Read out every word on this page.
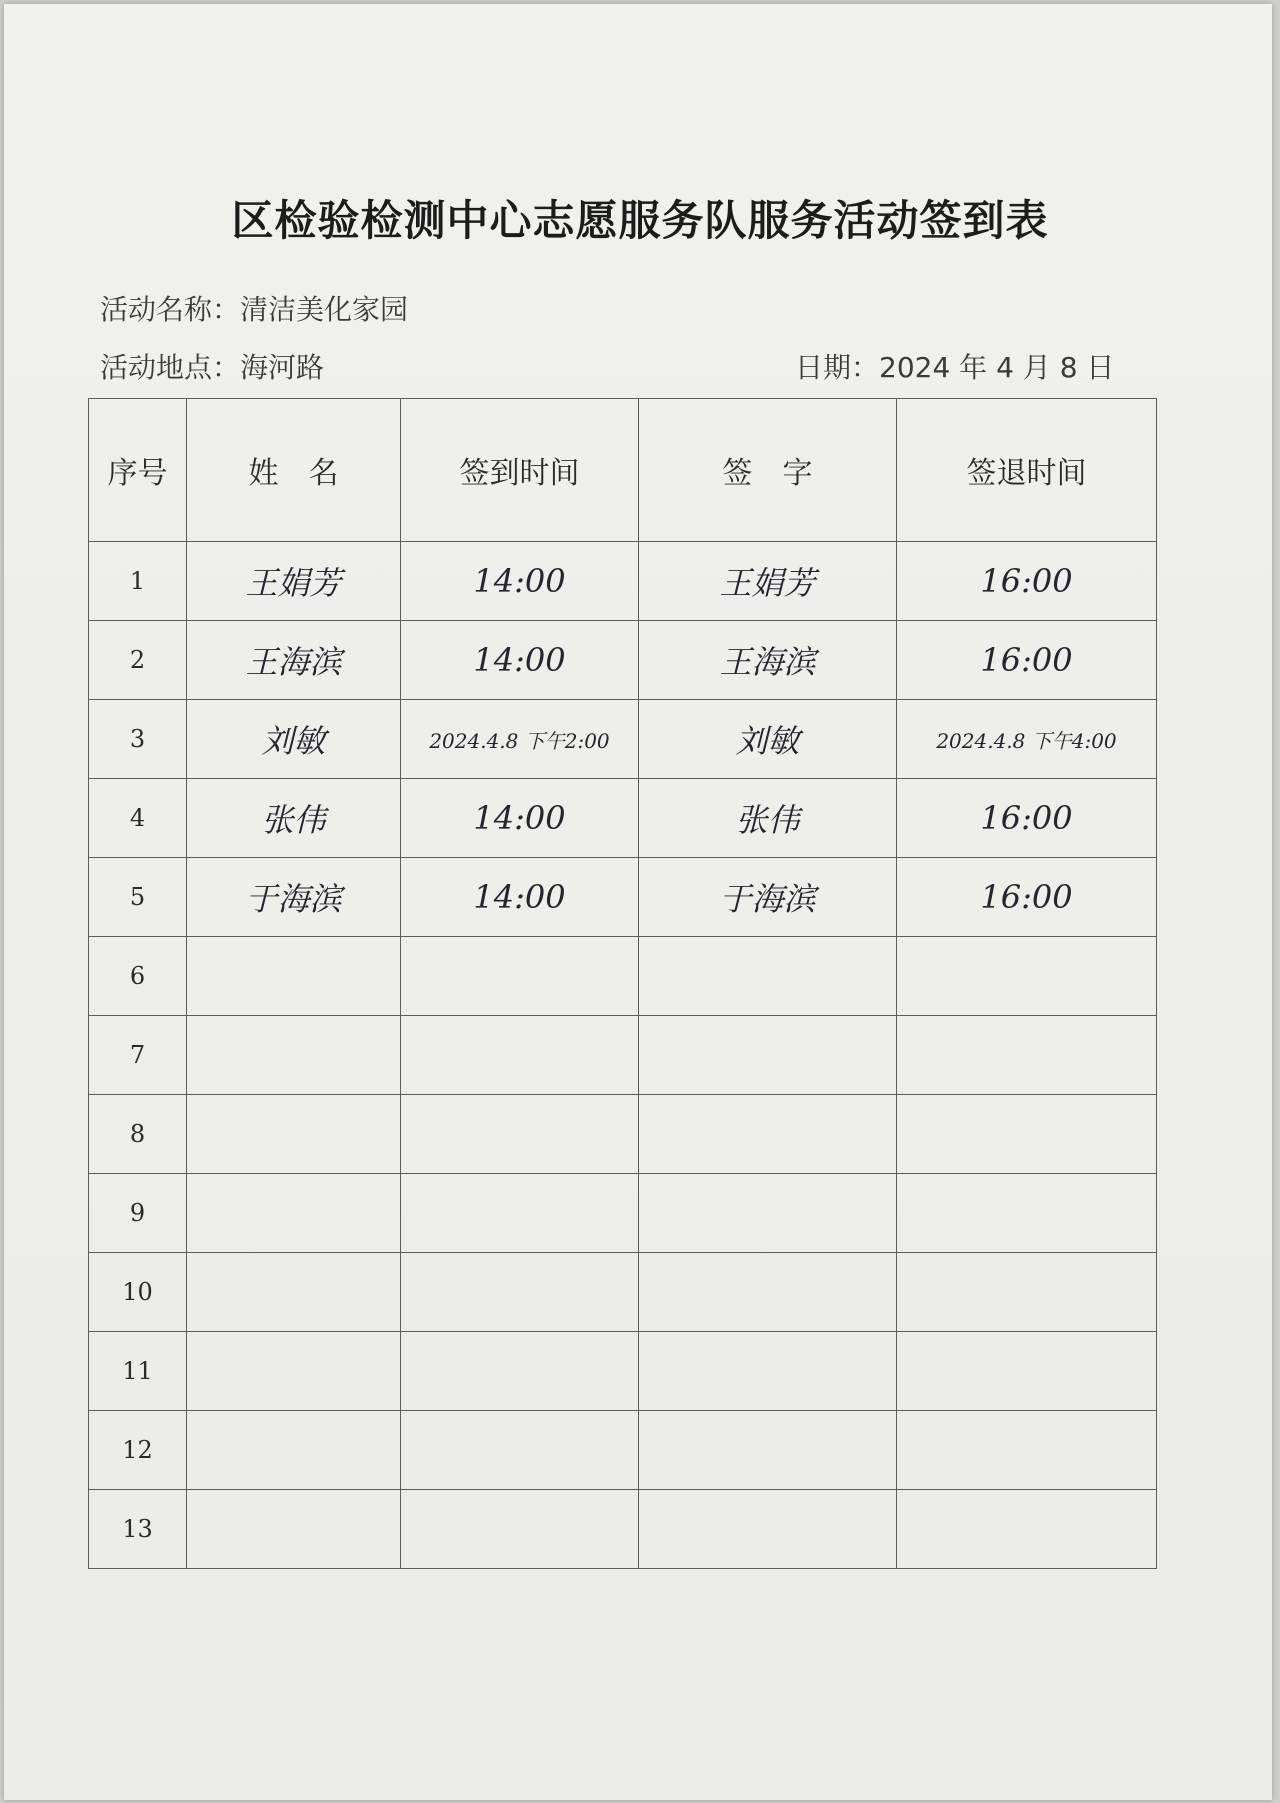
区检验检测中心志愿服务队服务活动签到表
活动名称：清洁美化家园
活动地点：海河路	日期：2024 年 4 月 8 日
序号	姓　名	签到时间	签　字	签退时间
1	王娟芳	14:00	王娟芳	16:00
2	王海滨	14:00	王海滨	16:00
3	刘敏	2024.4.8 下午2:00	刘敏	2024.4.8 下午4:00
4	张伟	14:00	张伟	16:00
5	于海滨	14:00	于海滨	16:00
6				
7				
8				
9				
10				
11				
12				
13				
